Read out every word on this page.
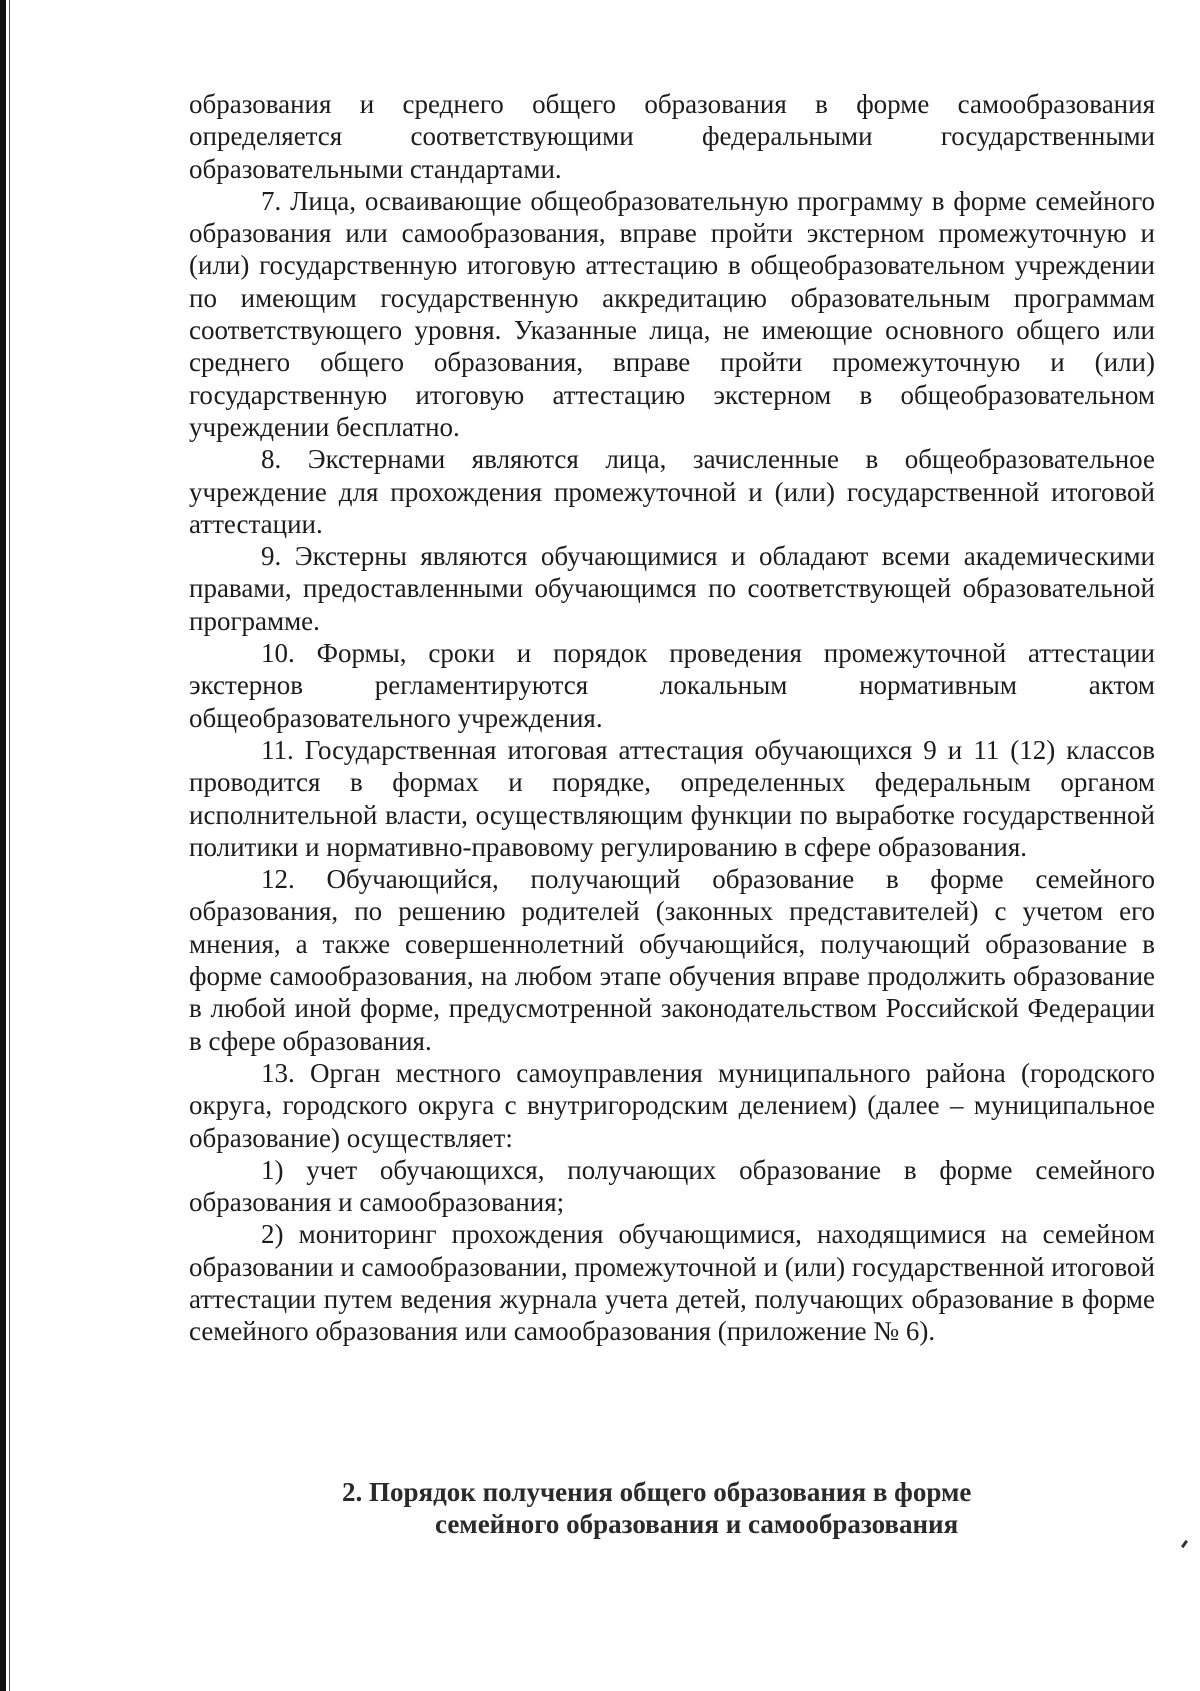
образования и среднего общего образования в форме самообразования определяется соответствующими федеральными государственными образовательными стандартами.

7. Лица, осваивающие общеобразовательную программу в форме семейного образования или самообразования, вправе пройти экстерном промежуточную и (или) государственную итоговую аттестацию в общеобразовательном учреждении по имеющим государственную аккредитацию образовательным программам соответствующего уровня. Указанные лица, не имеющие основного общего или среднего общего образования, вправе пройти промежуточную и (или) государственную итоговую аттестацию экстерном в общеобразовательном учреждении бесплатно.

8. Экстернами являются лица, зачисленные в общеобразовательное учреждение для прохождения промежуточной и (или) государственной итоговой аттестации.

9. Экстерны являются обучающимися и обладают всеми академическими правами, предоставленными обучающимся по соответствующей образовательной программе.

10. Формы, сроки и порядок проведения промежуточной аттестации экстернов регламентируются локальным нормативным актом общеобразовательного учреждения.

11. Государственная итоговая аттестация обучающихся 9 и 11 (12) классов проводится в формах и порядке, определенных федеральным органом исполнительной власти, осуществляющим функции по выработке государственной политики и нормативно-правовому регулированию в сфере образования.

12. Обучающийся, получающий образование в форме семейного образования, по решению родителей (законных представителей) с учетом его мнения, а также совершеннолетний обучающийся, получающий образование в форме самообразования, на любом этапе обучения вправе продолжить образование в любой иной форме, предусмотренной законодательством Российской Федерации в сфере образования.

13. Орган местного самоуправления муниципального района (городского округа, городского округа с внутригородским делением) (далее – муниципальное образование) осуществляет:

1) учет обучающихся, получающих образование в форме семейного образования и самообразования;

2) мониторинг прохождения обучающимися, находящимися на семейном образовании и самообразовании, промежуточной и (или) государственной итоговой аттестации путем ведения журнала учета детей, получающих образование в форме семейного образования или самообразования (приложение № 6).

2. Порядок получения общего образования в форме
семейного образования и самообразования
